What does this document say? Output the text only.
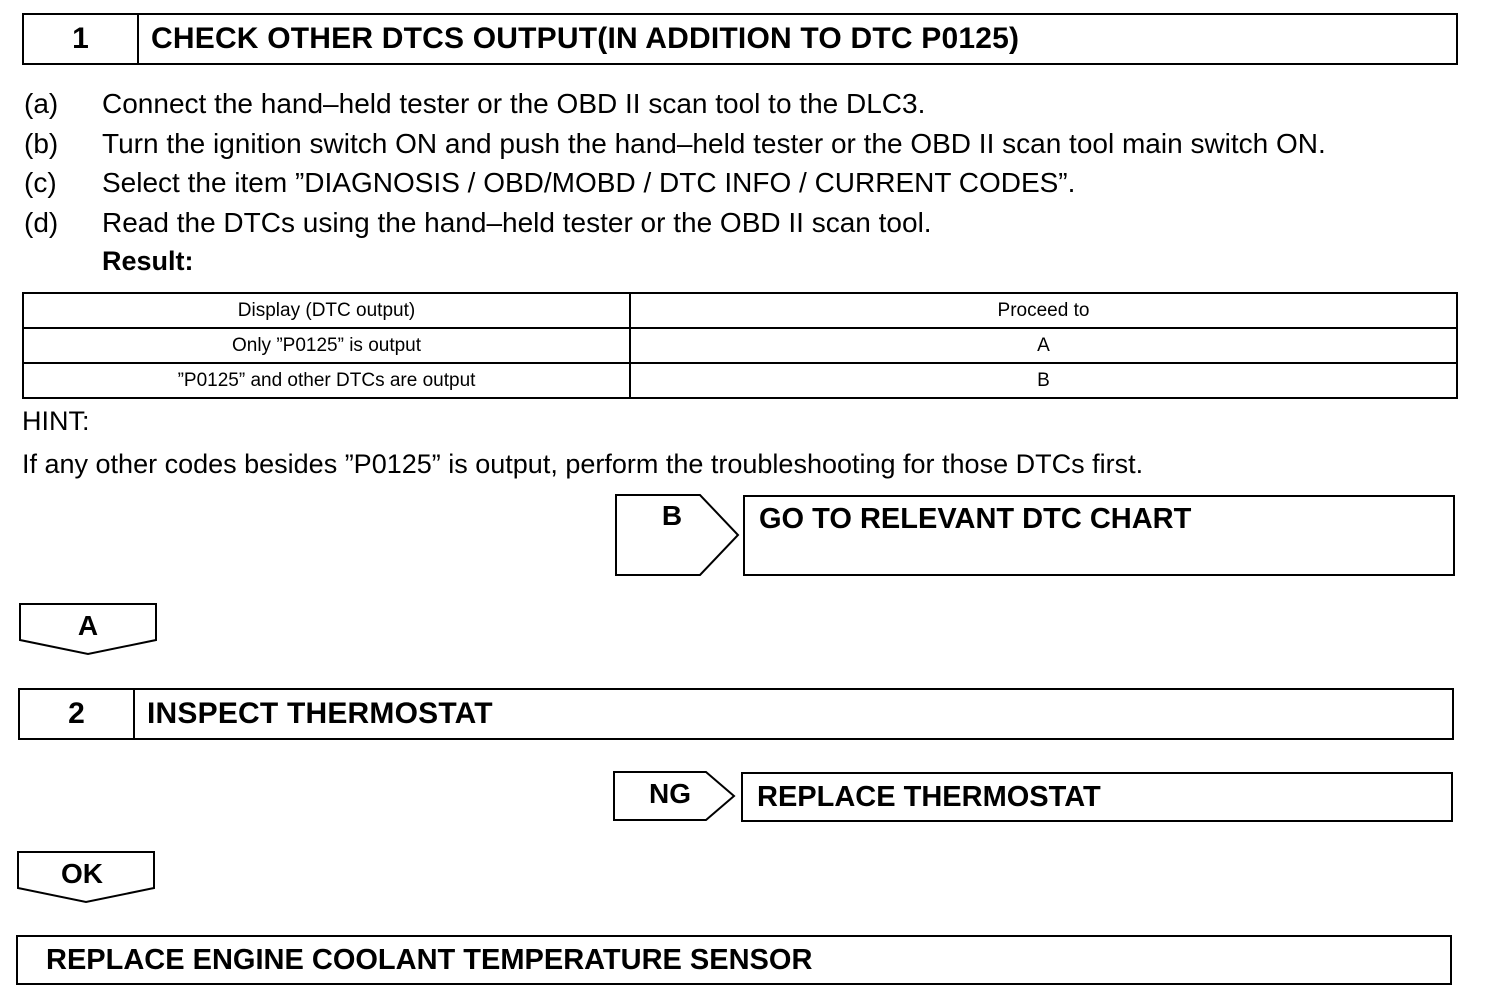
1	CHECK OTHER DTCS OUTPUT(IN ADDITION TO DTC P0125)
(a) Connect the hand–held tester or the OBD II scan tool to the DLC3.
(b) Turn the ignition switch ON and push the hand–held tester or the OBD II scan tool main switch ON.
(c) Select the item ”DIAGNOSIS / OBD/MOBD / DTC INFO / CURRENT CODES”.
(d) Read the DTCs using the hand–held tester or the OBD II scan tool.
Result:
Display (DTC output)	Proceed to
Only ”P0125” is output	A
”P0125” and other DTCs are output	B
HINT:
If any other codes besides ”P0125” is output, perform the troubleshooting for those DTCs first.
B	GO TO RELEVANT DTC CHART
A
2	INSPECT THERMOSTAT
NG	REPLACE THERMOSTAT
OK
REPLACE ENGINE COOLANT TEMPERATURE SENSOR
